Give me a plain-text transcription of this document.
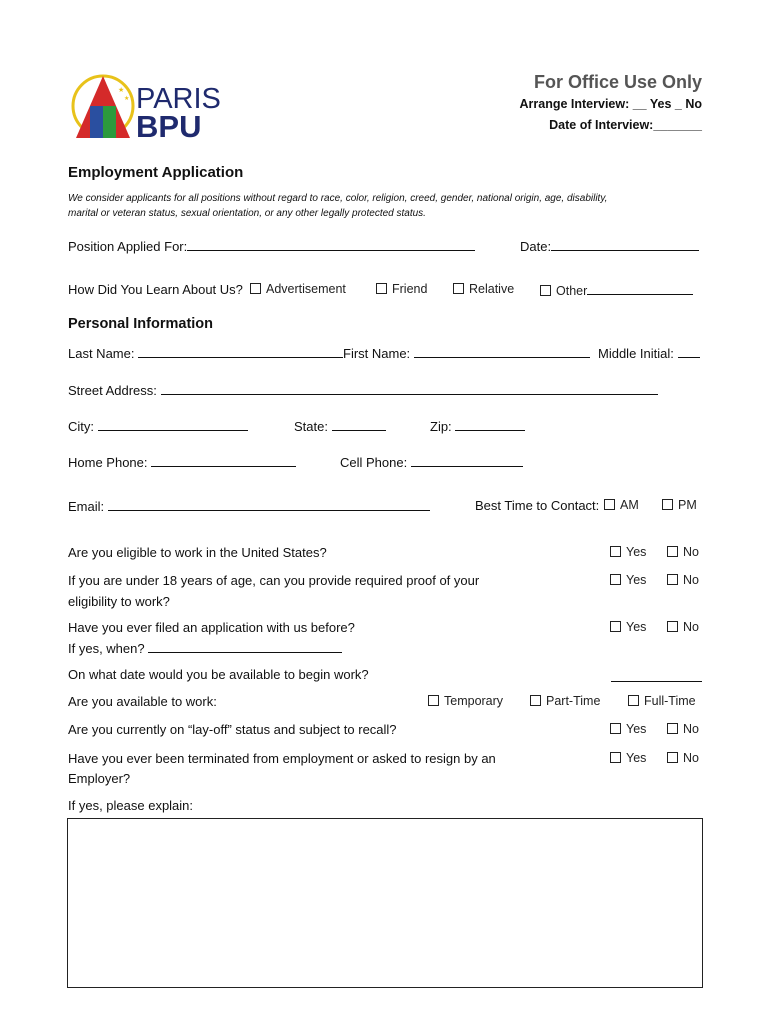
★
★ PARIS
BPU
For Office Use Only
Arrange Interview: __ Yes _ No
Date of Interview:_______
Employment Application
We consider applicants for all positions without regard to race, color, religion, creed, gender, national origin, age, disability,
marital or veteran status, sexual orientation, or any other legally protected status.
Position Applied For:	Date:
How Did You Learn About Us?	Advertisement	Friend	Relative	Other
Personal Information
Last Name:	First Name:	Middle Initial:
Street Address:
City:	State:	Zip:
Home Phone:	Cell Phone:
Email:	Best Time to Contact:	AM	PM
Are you eligible to work in the United States?	Yes	No
If you are under 18 years of age, can you provide required proof of your
eligibility to work?
Yes	No
Have you ever filed an application with us before?
If yes, when?
Yes	No
On what date would you be available to begin work?
Are you available to work:	Temporary	Part-Time	Full-Time
Are you currently on “lay-off” status and subject to recall?	Yes	No
Have you ever been terminated from employment or asked to resign by an
Employer?
Yes	No
If yes, please explain:
